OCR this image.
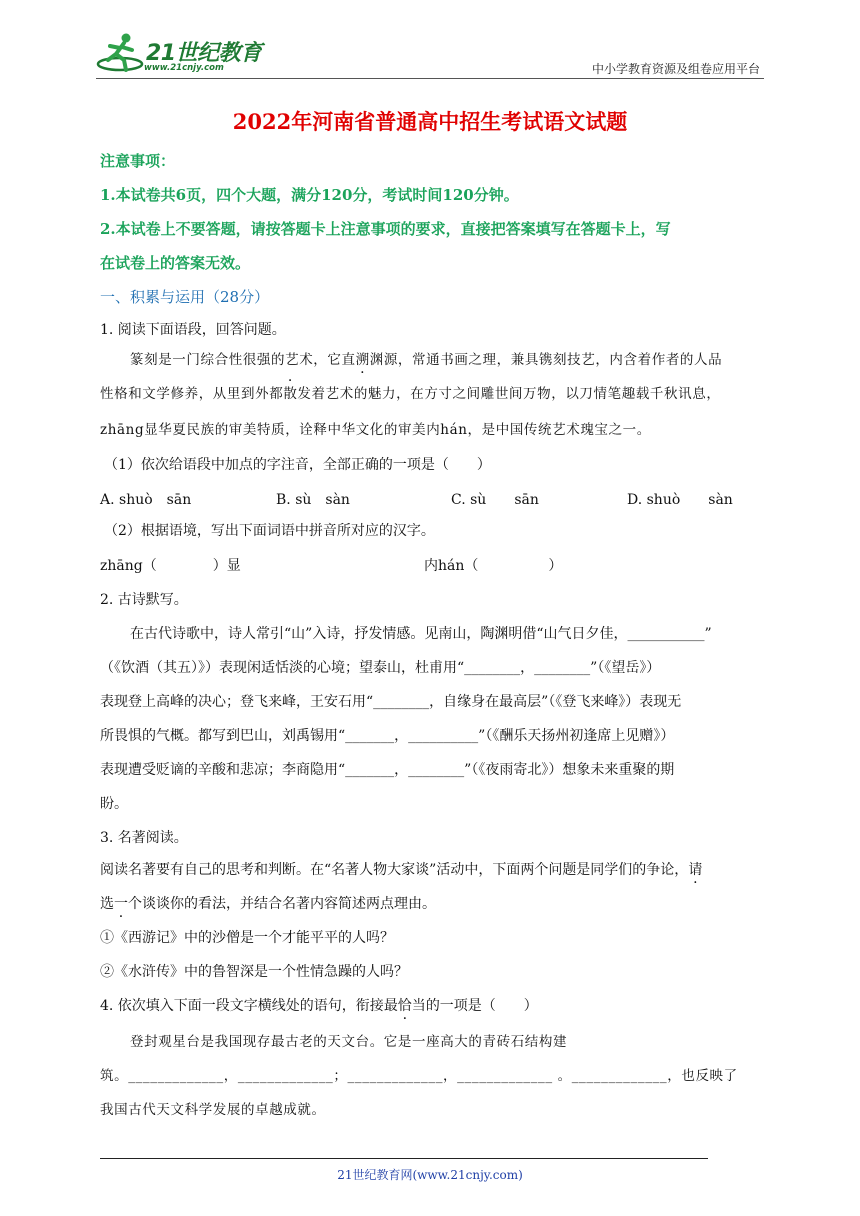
21世纪教育
www.21cnjy.com	中小学教育资源及组卷应用平台
2022年河南省普通高中招生考试语文试题
注意事项：
1.本试卷共6页，四个大题，满分120分，考试时间120分钟。
2.本试卷上不要答题，请按答题卡上注意事项的要求，直接把答案填写在答题卡上，写
在试卷上的答案无效。
一、积累与运用（28分）
1. 阅读下面语段，回答问题。
篆刻是一门综合性很强的艺术，它直溯渊源，常通书画之理，兼具镌刻技艺，内含着作者的人品
性格和文学修养，从里到外都散发着艺术的魅力，在方寸之间雕世间万物，以刀情笔趣载千秋讯息，
zhāng显华夏民族的审美特质，诠释中华文化的审美内hán，是中国传统艺术瑰宝之一。
（1）依次给语段中加点的字注音，全部正确的一项是（　　）
A. shuò　sān	B. sù　sàn	C. sù　　sān	D. shuò　　sàn
（2）根据语境，写出下面词语中拼音所对应的汉字。
zhāng（　　　　）显	内hán（　　　　　）
2. 古诗默写。
在古代诗歌中，诗人常引“山”入诗，抒发情感。见南山，陶渊明借“山气日夕佳，___________”
（《饮酒（其五）》）表现闲适恬淡的心境；望泰山，杜甫用“________，________”（《望岳》）
表现登上高峰的决心；登飞来峰，王安石用“________，自缘身在最高层”（《登飞来峰》）表现无
所畏惧的气概。都写到巴山，刘禹锡用“_______，__________”（《酬乐天扬州初逢席上见赠》）
表现遭受贬谪的辛酸和悲凉；李商隐用“_______，________”（《夜雨寄北》）想象未来重聚的期
盼。
3. 名著阅读。
阅读名著要有自己的思考和判断。在“名著人物大家谈”活动中，下面两个问题是同学们的争论，请
选一个谈谈你的看法，并结合名著内容简述两点理由。
①《西游记》中的沙僧是一个才能平平的人吗？
②《水浒传》中的鲁智深是一个性情急躁的人吗？
4. 依次填入下面一段文字横线处的语句，衔接最恰当的一项是（　　）
登封观星台是我国现存最古老的天文台。它是一座高大的青砖石结构建
筑。_____________，_____________；_____________，_____________ 。_____________，也反映了
我国古代天文科学发展的卓越成就。
21世纪教育网(www.21cnjy.com)
